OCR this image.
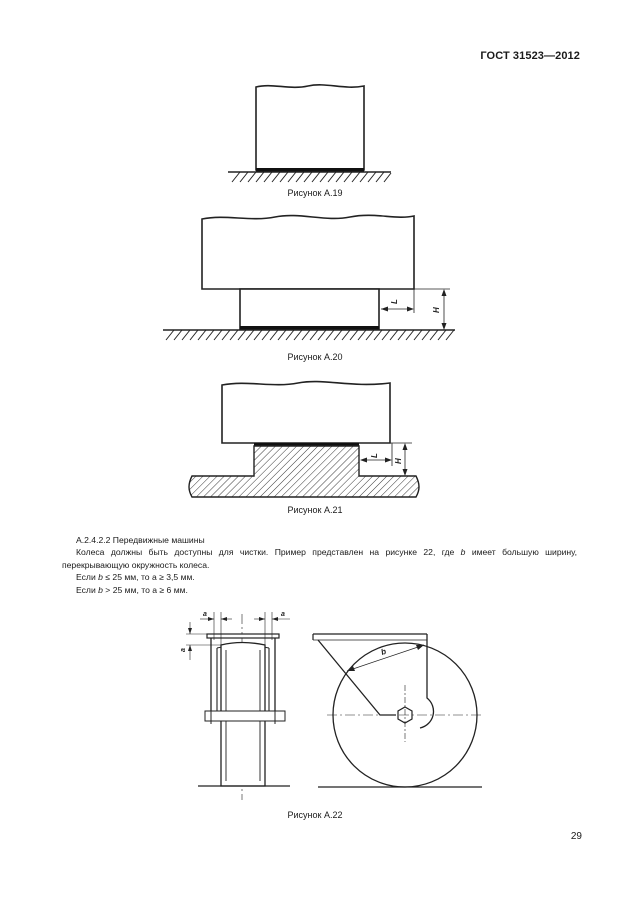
ГОСТ 31523—2012
Рисунок А.19
L
H
Рисунок А.20
L
H
Рисунок А.21

А.2.4.2.2 Передвижные машины

Колеса должны быть доступны для чистки. Пример представлен на рисунке 22, где b имеет большую ширину, перекрывающую окружность колеса.

Если b ≤ 25 мм, то а ≥ 3,5 мм.

Если b > 25 мм, то а ≥ 6 мм.

a	a
a	b
Рисунок А.22
29
